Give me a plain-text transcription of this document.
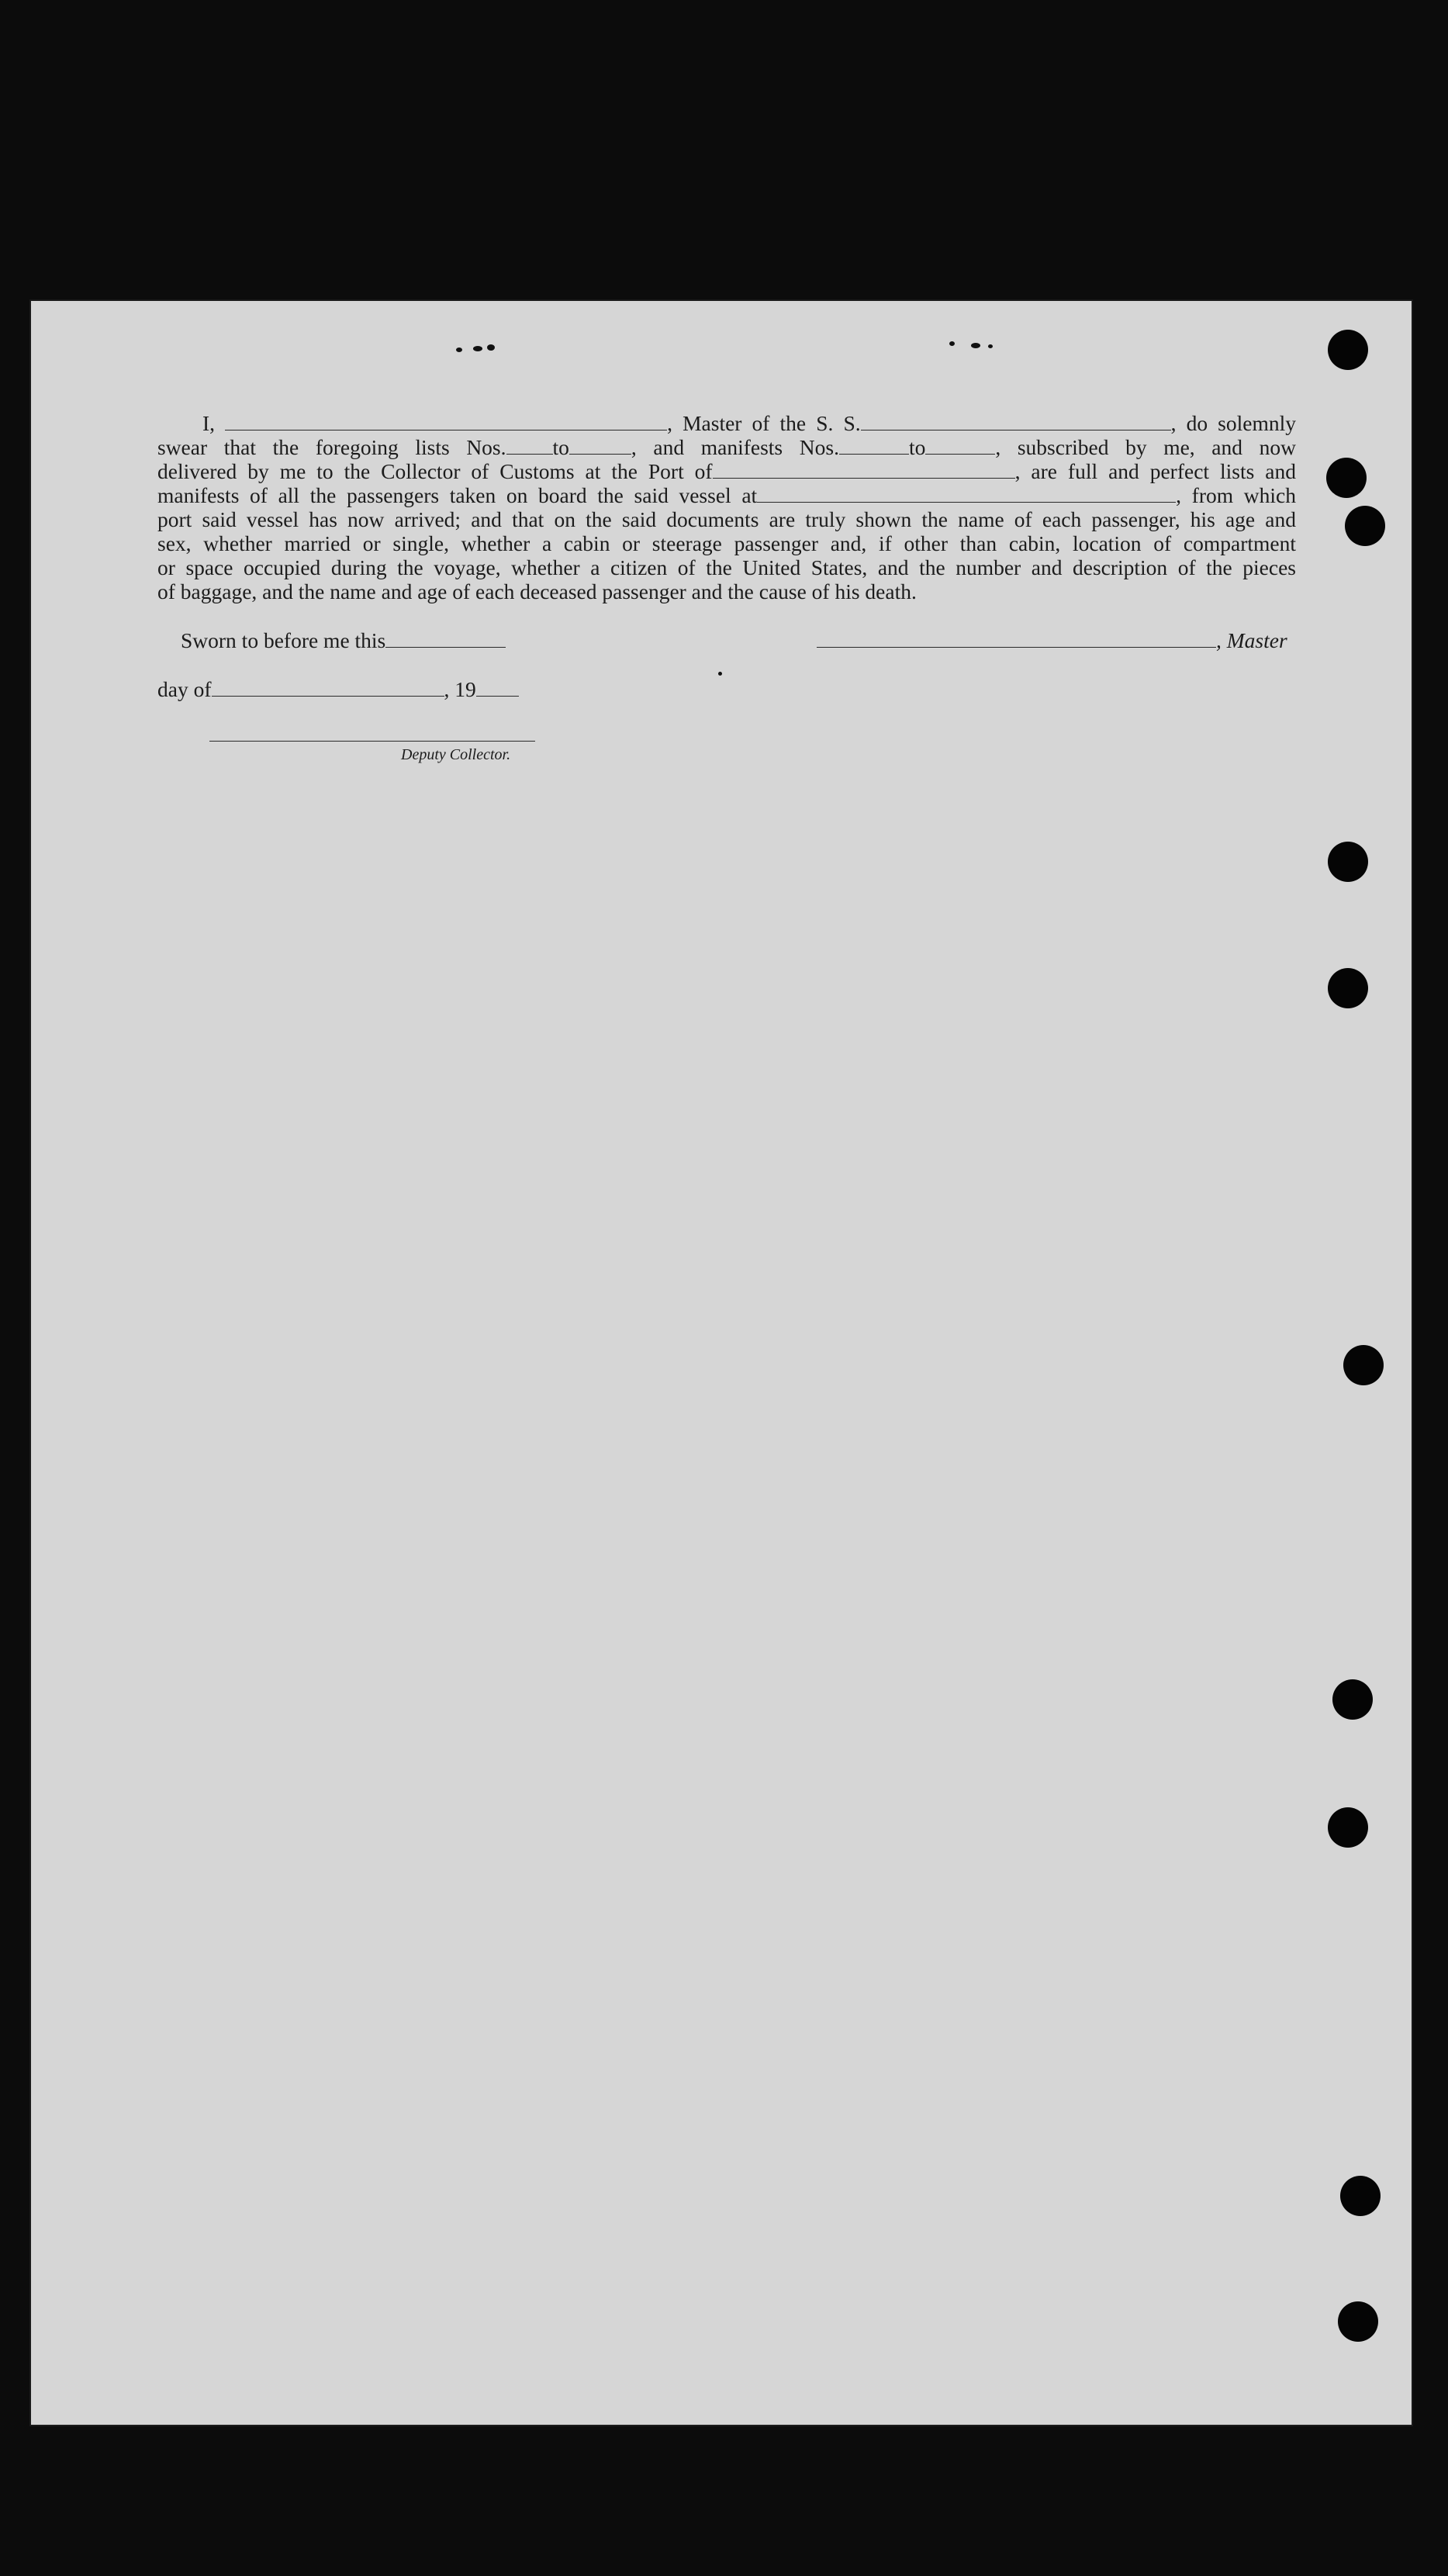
I,	, Master of the S. S.	, do solemnly
swear that the foregoing lists Nos. to	, and manifests Nos.	to	, subscribed by me, and now
delivered by me to the Collector of Customs at the Port of	, are full and perfect lists and
manifests of all the passengers taken on board the said vessel at	, from which
port said vessel has now arrived; and that on the said documents are truly shown the name of each passenger, his age and
sex, whether married or single, whether a cabin or steerage passenger and, if other than cabin, location of compartment
or space occupied during the voyage, whether a citizen of the United States, and the number and description of the pieces
of baggage, and the name and age of each deceased passenger and the cause of his death.
Sworn to before me this	, Master
day of	, 19
Deputy Collector.
